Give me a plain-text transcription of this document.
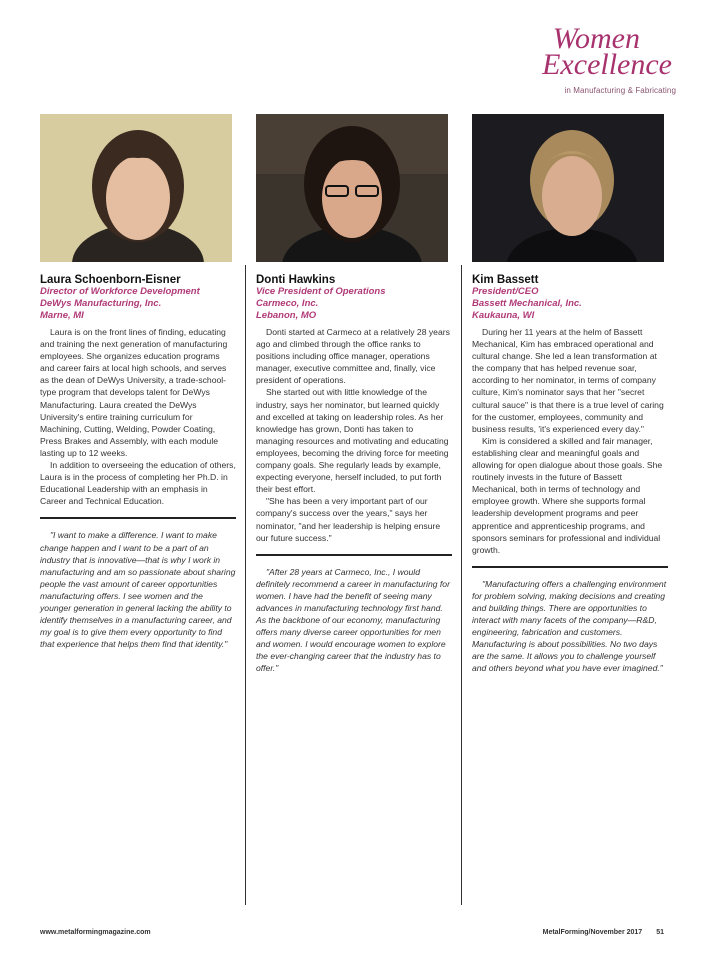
Women
Excellence
in Manufacturing & Fabricating
Laura Schoenborn-Eisner
Director of Workforce Development
DeWys Manufacturing, Inc.
Marne, MI

Laura is on the front lines of finding, educating and training the next generation of manufacturing employees. She organizes education programs and career fairs at local high schools, and serves as the dean of DeWys University, a trade-school-type program that develops talent for DeWys Manufacturing. Laura created the DeWys University's entire training curriculum for Machining, Cutting, Welding, Powder Coating, Press Brakes and Assembly, with each module lasting up to 12 weeks.

In addition to overseeing the education of others, Laura is in the process of completing her Ph.D. in Educational Leadership with an emphasis in Career and Technical Education.

"I want to make a difference. I want to make change happen and I want to be a part of an industry that is innovative—that is why I work in manufacturing and am so passionate about sharing people the vast amount of career opportunities manufacturing offers. I see women and the younger generation in general lacking the ability to identify themselves in a manufacturing career, and my goal is to give them every opportunity to find that experience that helps them find that identity."
Donti Hawkins
Vice President of Operations
Carmeco, Inc.
Lebanon, MO

Donti started at Carmeco at a relatively 28 years ago and climbed through the office ranks to positions including office manager, operations manager, executive committee and, finally, vice president of operations.

She started out with little knowledge of the industry, says her nominator, but learned quickly and excelled at taking on leadership roles. As her knowledge has grown, Donti has taken to managing resources and motivating and educating employees, becoming the driving force for meeting company goals. She regularly leads by example, expecting everyone, herself included, to put forth their best effort.

"She has been a very important part of our company's success over the years," says her nominator, "and her leadership is helping ensure our future success."

"After 28 years at Carmeco, Inc., I would definitely recommend a career in manufacturing for women. I have had the benefit of seeing many advances in manufacturing technology first hand. As the backbone of our economy, manufacturing offers many diverse career opportunities for men and women. I would encourage women to explore the ever-changing career that the industry has to offer."
Kim Bassett
President/CEO
Bassett Mechanical, Inc.
Kaukauna, WI

During her 11 years at the helm of Bassett Mechanical, Kim has embraced operational and cultural change. She led a lean transformation at the company that has helped revenue soar, according to her nominator, in terms of company culture, Kim's nominator says that her "secret cultural sauce" is that there is a true level of caring for the customer, employees, community and business results, 'it's experienced every day."

Kim is considered a skilled and fair manager, establishing clear and meaningful goals and allowing for open dialogue about those goals. She routinely invests in the future of Bassett Mechanical, both in terms of technology and employee growth. Where she supports formal leadership development programs and peer apprentice and apprenticeship programs, and sponsors seminars for professional and individual growth.

"Manufacturing offers a challenging environment for problem solving, making decisions and creating and building things. There are opportunities to interact with many facets of the company—R&D, engineering, fabrication and customers. Manufacturing is about possibilities. No two days are the same. It allows you to challenge yourself and others beyond what you have ever imagined."
www.metalformingmagazine.com	MetalForming/November 2017 51
